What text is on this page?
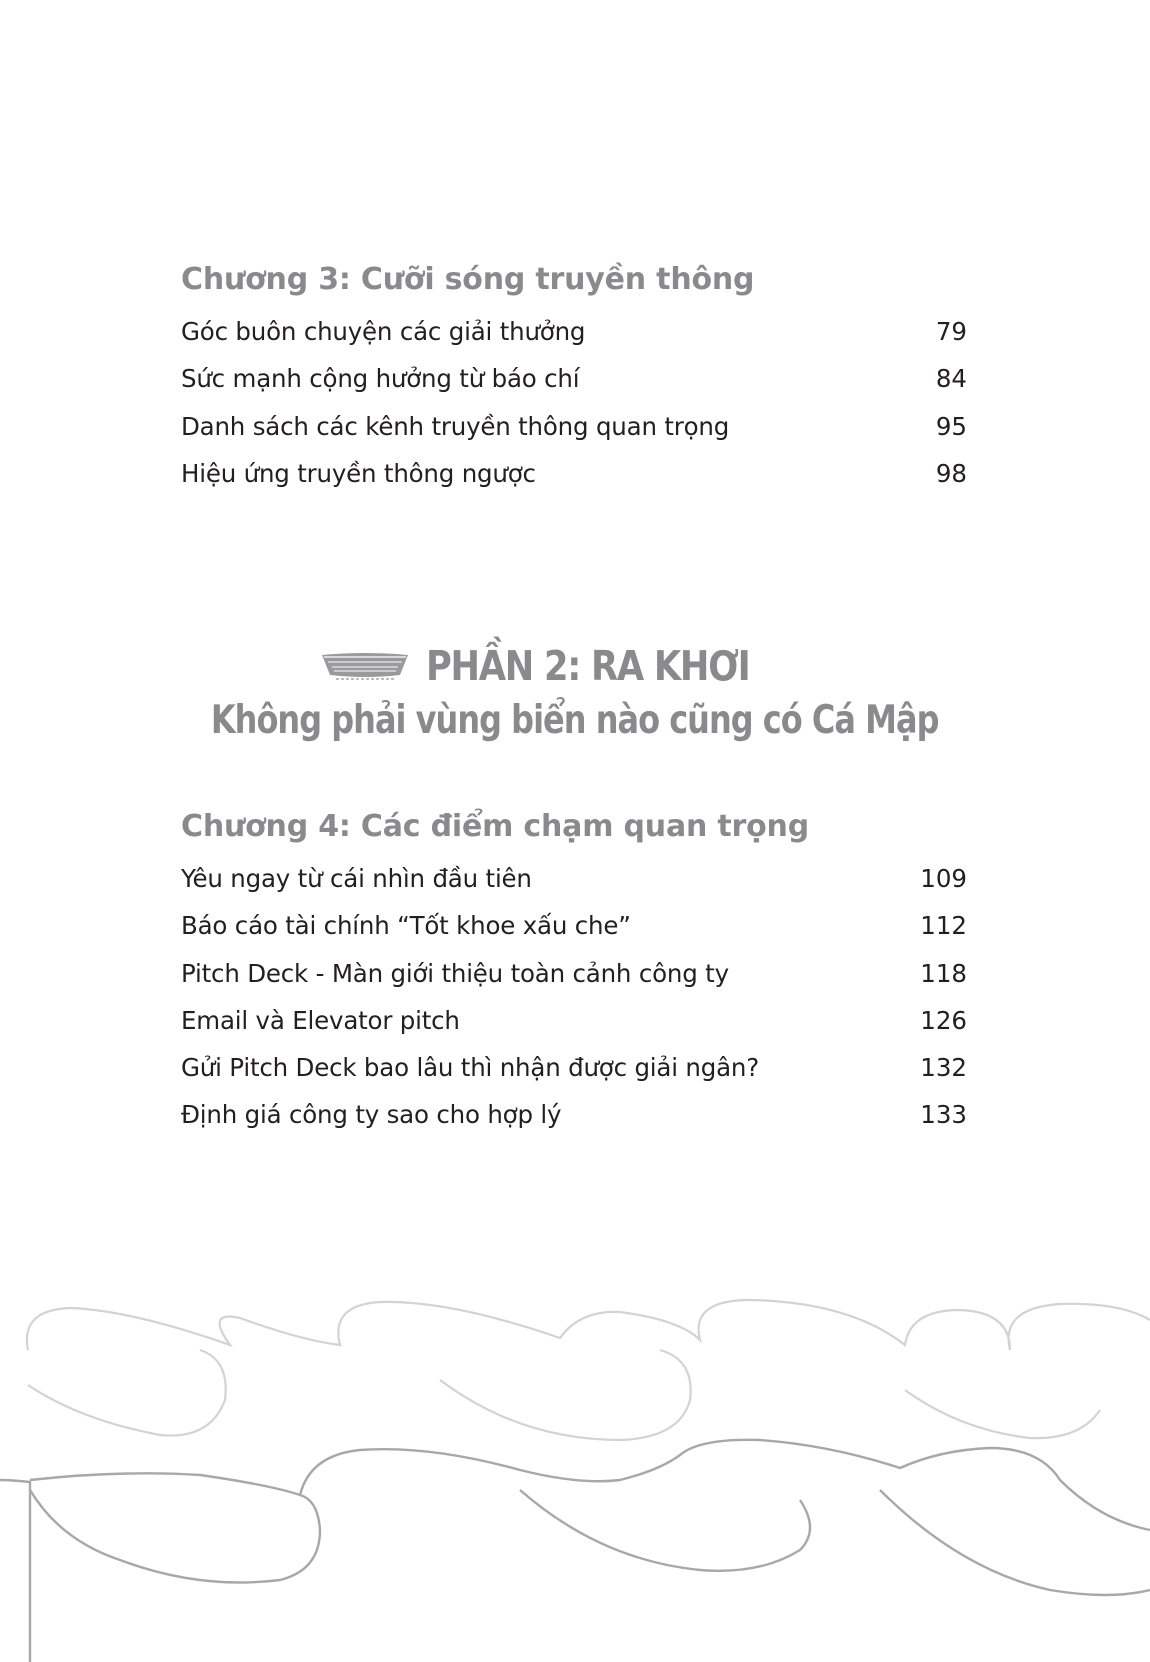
Chương 3: Cưỡi sóng truyền thông
Góc buôn chuyện các giải thưởng	79
Sức mạnh cộng hưởng từ báo chí	84
Danh sách các kênh truyền thông quan trọng	95
Hiệu ứng truyền thông ngược	98
PHẦN 2: RA KHƠI
Không phải vùng biển nào cũng có Cá Mập
Chương 4: Các điểm chạm quan trọng
Yêu ngay từ cái nhìn đầu tiên	109
Báo cáo tài chính “Tốt khoe xấu che”	112
Pitch Deck - Màn giới thiệu toàn cảnh công ty	118
Email và Elevator pitch	126
Gửi Pitch Deck bao lâu thì nhận được giải ngân?	132
Định giá công ty sao cho hợp lý	133
